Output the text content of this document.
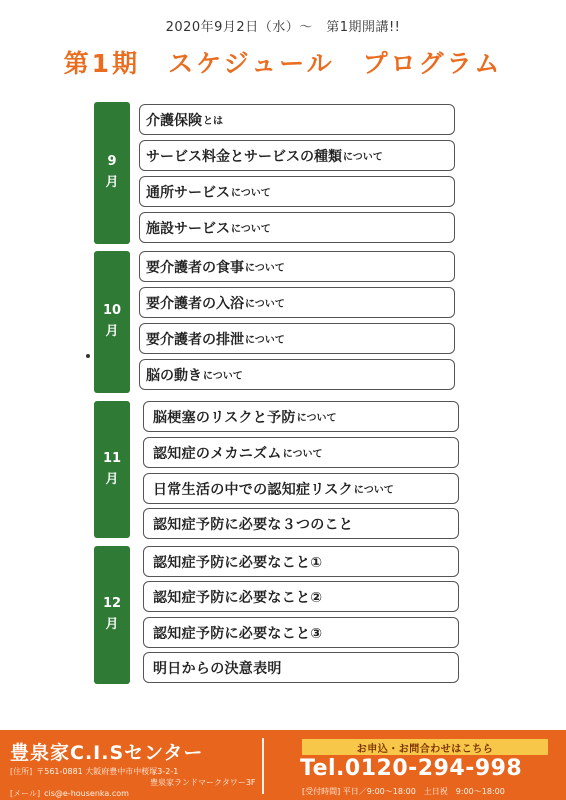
2020年9月2日（水）〜　第1期開講!!
第1期　スケジュール　プログラム
9
月
10
月
11
月
12
月
介護保険 とは
サービス料金とサービスの種類 について
通所サービス について
施設サービス について
要介護者の食事 について
要介護者の入浴 について
要介護者の排泄 について
脳の動き について
脳梗塞のリスクと予防 について
認知症のメカニズム について
日常生活の中での認知症リスク について
認知症予防に必要な３つのこと
認知症予防に必要なこと①
認知症予防に必要なこと②
認知症予防に必要なこと③
明日からの決意表明
豊泉家C.I.Sセンター
[住所] 〒561-0881 大阪府豊中市中桜塚3-2-1
豊泉家ランドマークタワー3F
[メール] cis@e-housenka.com
お申込・お問合わせはこちら
Tel.0120-294-998
[受付時間] 平日／9:00〜18:00　土日祝　9:00〜18:00
